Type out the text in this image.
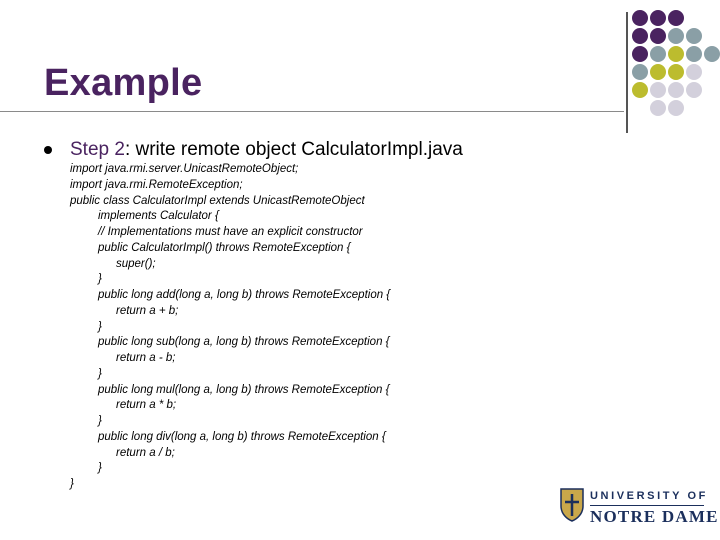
Example
Step 2: write remote object CalculatorImpl.java
import java.rmi.server.UnicastRemoteObject;
import java.rmi.RemoteException;
public class CalculatorImpl extends UnicastRemoteObject
implements Calculator {
// Implementations must have an explicit constructor
public CalculatorImpl() throws RemoteException {
super();
}
public long add(long a, long b) throws RemoteException {
return a + b;
}
public long sub(long a, long b) throws RemoteException {
return a - b;
}
public long mul(long a, long b) throws RemoteException {
return a * b;
}
public long div(long a, long b) throws RemoteException {
return a / b;
}
}
UNIVERSITY OF
NOTRE DAME
